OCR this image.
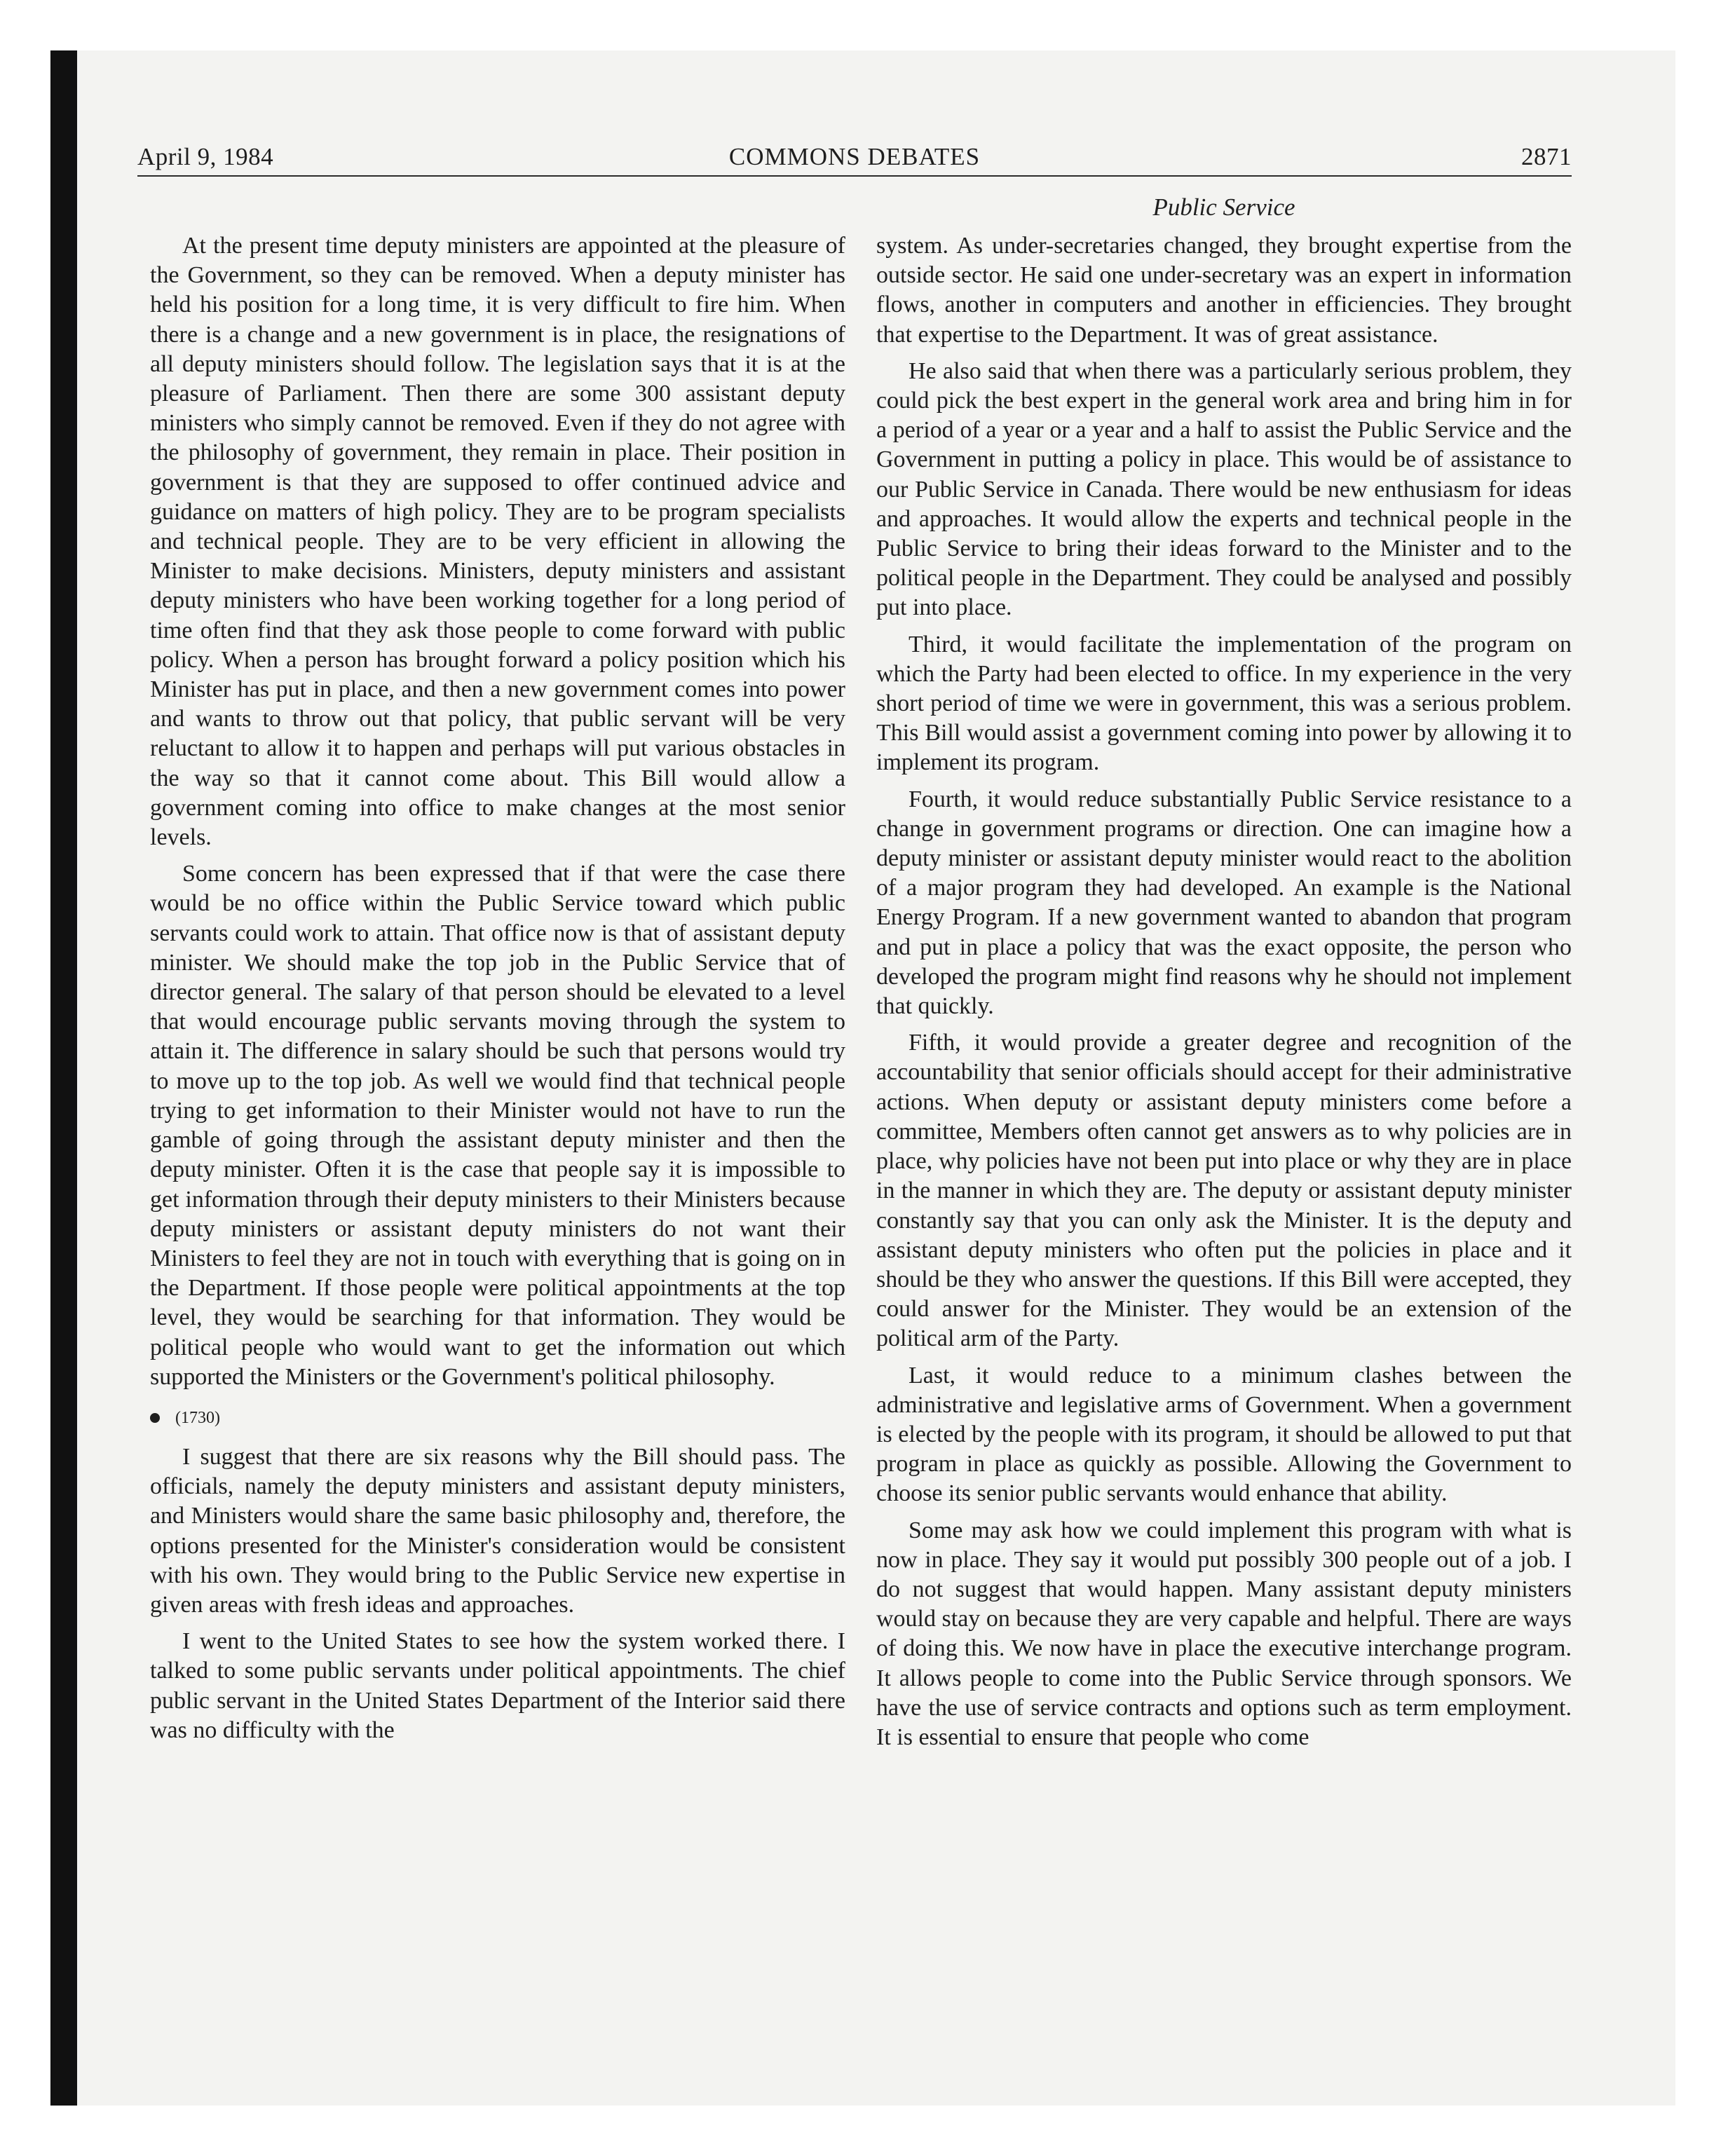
April 9, 1984	COMMONS DEBATES	2871
Public Service

At the present time deputy ministers are appointed at the pleasure of the Government, so they can be removed. When a deputy minister has held his position for a long time, it is very difficult to fire him. When there is a change and a new government is in place, the resignations of all deputy ministers should follow. The legislation says that it is at the pleasure of Parliament. Then there are some 300 assistant deputy ministers who simply cannot be removed. Even if they do not agree with the philosophy of government, they remain in place. Their position in government is that they are supposed to offer continued advice and guidance on matters of high policy. They are to be program specialists and technical people. They are to be very efficient in allowing the Minister to make decisions. Ministers, deputy ministers and assistant deputy ministers who have been working together for a long period of time often find that they ask those people to come forward with public policy. When a person has brought forward a policy position which his Minister has put in place, and then a new government comes into power and wants to throw out that policy, that public servant will be very reluctant to allow it to happen and perhaps will put various obstacles in the way so that it cannot come about. This Bill would allow a government coming into office to make changes at the most senior levels.

Some concern has been expressed that if that were the case there would be no office within the Public Service toward which public servants could work to attain. That office now is that of assistant deputy minister. We should make the top job in the Public Service that of director general. The salary of that person should be elevated to a level that would encourage public servants moving through the system to attain it. The difference in salary should be such that persons would try to move up to the top job. As well we would find that technical people trying to get information to their Minister would not have to run the gamble of going through the assistant deputy minister and then the deputy minister. Often it is the case that people say it is impossible to get information through their deputy ministers to their Ministers because deputy ministers or assistant deputy ministers do not want their Ministers to feel they are not in touch with everything that is going on in the Department. If those people were political appointments at the top level, they would be searching for that information. They would be political people who would want to get the information out which supported the Ministers or the Government's political philosophy.

(1730)

I suggest that there are six reasons why the Bill should pass. The officials, namely the deputy ministers and assistant deputy ministers, and Ministers would share the same basic philosophy and, therefore, the options presented for the Minister's consideration would be consistent with his own. They would bring to the Public Service new expertise in given areas with fresh ideas and approaches.

I went to the United States to see how the system worked there. I talked to some public servants under political appointments. The chief public servant in the United States Department of the Interior said there was no difficulty with the

system. As under-secretaries changed, they brought expertise from the outside sector. He said one under-secretary was an expert in information flows, another in computers and another in efficiencies. They brought that expertise to the Department. It was of great assistance.

He also said that when there was a particularly serious problem, they could pick the best expert in the general work area and bring him in for a period of a year or a year and a half to assist the Public Service and the Government in putting a policy in place. This would be of assistance to our Public Service in Canada. There would be new enthusiasm for ideas and approaches. It would allow the experts and technical people in the Public Service to bring their ideas forward to the Minister and to the political people in the Department. They could be analysed and possibly put into place.

Third, it would facilitate the implementation of the program on which the Party had been elected to office. In my experience in the very short period of time we were in government, this was a serious problem. This Bill would assist a government coming into power by allowing it to implement its program.

Fourth, it would reduce substantially Public Service resistance to a change in government programs or direction. One can imagine how a deputy minister or assistant deputy minister would react to the abolition of a major program they had developed. An example is the National Energy Program. If a new government wanted to abandon that program and put in place a policy that was the exact opposite, the person who developed the program might find reasons why he should not implement that quickly.

Fifth, it would provide a greater degree and recognition of the accountability that senior officials should accept for their administrative actions. When deputy or assistant deputy ministers come before a committee, Members often cannot get answers as to why policies are in place, why policies have not been put into place or why they are in place in the manner in which they are. The deputy or assistant deputy minister constantly say that you can only ask the Minister. It is the deputy and assistant deputy ministers who often put the policies in place and it should be they who answer the questions. If this Bill were accepted, they could answer for the Minister. They would be an extension of the political arm of the Party.

Last, it would reduce to a minimum clashes between the administrative and legislative arms of Government. When a government is elected by the people with its program, it should be allowed to put that program in place as quickly as possible. Allowing the Government to choose its senior public servants would enhance that ability.

Some may ask how we could implement this program with what is now in place. They say it would put possibly 300 people out of a job. I do not suggest that would happen. Many assistant deputy ministers would stay on because they are very capable and helpful. There are ways of doing this. We now have in place the executive interchange program. It allows people to come into the Public Service through sponsors. We have the use of service contracts and options such as term employment. It is essential to ensure that people who come
